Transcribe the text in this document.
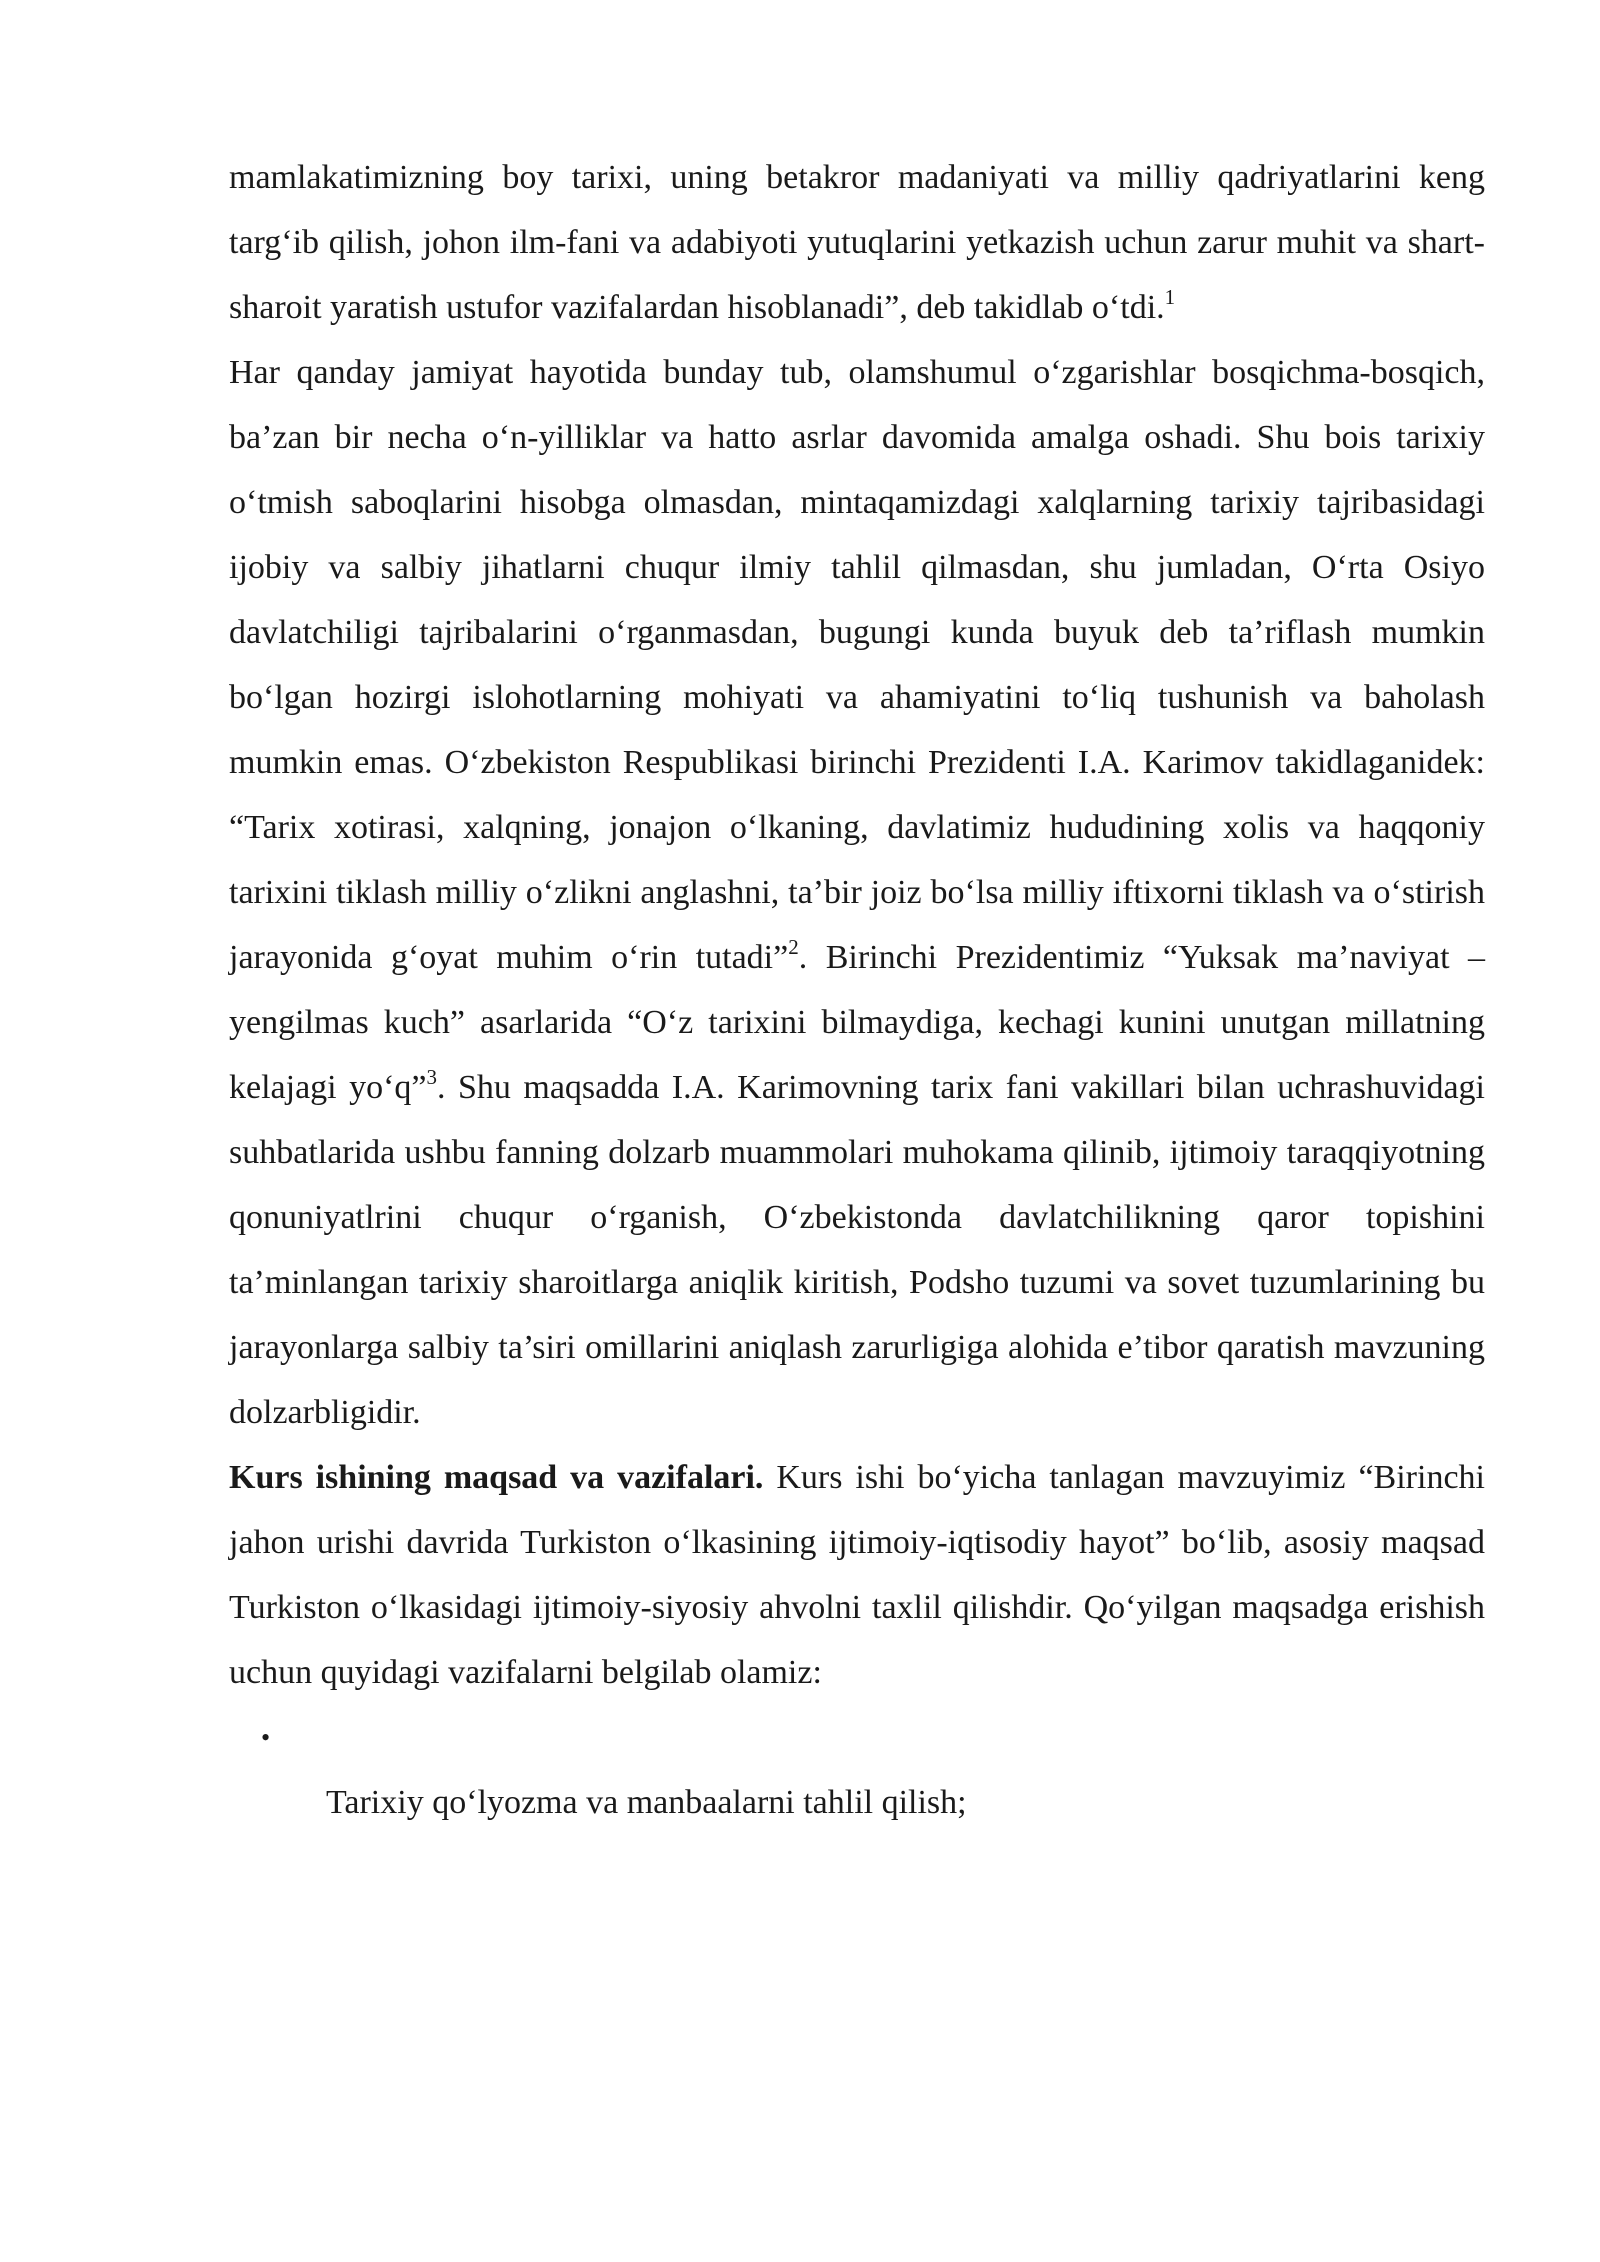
mamlakatimizning boy tarixi, uning betakror madaniyati va milliy qadriyatlarini keng targ‘ib qilish, johon ilm-fani va adabiyoti yutuqlarini yetkazish uchun zarur muhit va shart-sharoit yaratish ustufor vazifalardan hisoblanadi”, deb takidlab o‘tdi.$^1$

Har qanday jamiyat hayotida bunday tub, olamshumul o‘zgarishlar bosqichma-bosqich, ba’zan bir necha o‘n-yilliklar va hatto asrlar davomida amalga oshadi. Shu bois tarixiy o‘tmish saboqlarini hisobga olmasdan, mintaqamizdagi xalqlarning tarixiy tajribasidagi ijobiy va salbiy jihatlarni chuqur ilmiy tahlil qilmasdan, shu jumladan, O‘rta Osiyo davlatchiligi tajribalarini o‘rganmasdan, bugungi kunda buyuk deb ta’riflash mumkin bo‘lgan hozirgi islohotlarning mohiyati va ahamiyatini to‘liq tushunish va baholash mumkin emas. O‘zbekiston Respublikasi birinchi Prezidenti I.A. Karimov takidlaganidek: “Tarix xotirasi, xalqning, jonajon o‘lkaning, davlatimiz hududining xolis va haqqoniy tarixini tiklash milliy o‘zlikni anglashni, ta’bir joiz bo‘lsa milliy iftixorni tiklash va o‘stirish jarayonida g‘oyat muhim o‘rin tutadi”$^2$. Birinchi Prezidentimiz “Yuksak ma’naviyat – yengilmas kuch” asarlarida “O‘z tarixini bilmaydiga, kechagi kunini unutgan millatning kelajagi yo‘q”$^3$. Shu maqsadda I.A. Karimovning tarix fani vakillari bilan uchrashuvidagi suhbatlarida ushbu fanning dolzarb muammolari muhokama qilinib, ijtimoiy taraqqiyotning qonuniyatlrini chuqur o‘rganish, O‘zbekistonda davlatchilikning qaror topishini ta’minlangan tarixiy sharoitlarga aniqlik kiritish, Podsho tuzumi va sovet tuzumlarining bu jarayonlarga salbiy ta’siri omillarini aniqlash zarurligiga alohida e’tibor qaratish mavzuning dolzarbligidir.

Kurs ishining maqsad va vazifalari. Kurs ishi bo‘yicha tanlagan mavzuyimiz “Birinchi jahon urishi davrida Turkiston o‘lkasining ijtimoiy-iqtisodiy hayot” bo‘lib, asosiy maqsad Turkiston o‘lkasidagi ijtimoiy-siyosiy ahvolni taxlil qilishdir. Qo‘yilgan maqsadga erishish uchun quyidagi vazifalarni belgilab olamiz:

•

Tarixiy qo‘lyozma va manbaalarni tahlil qilish;
